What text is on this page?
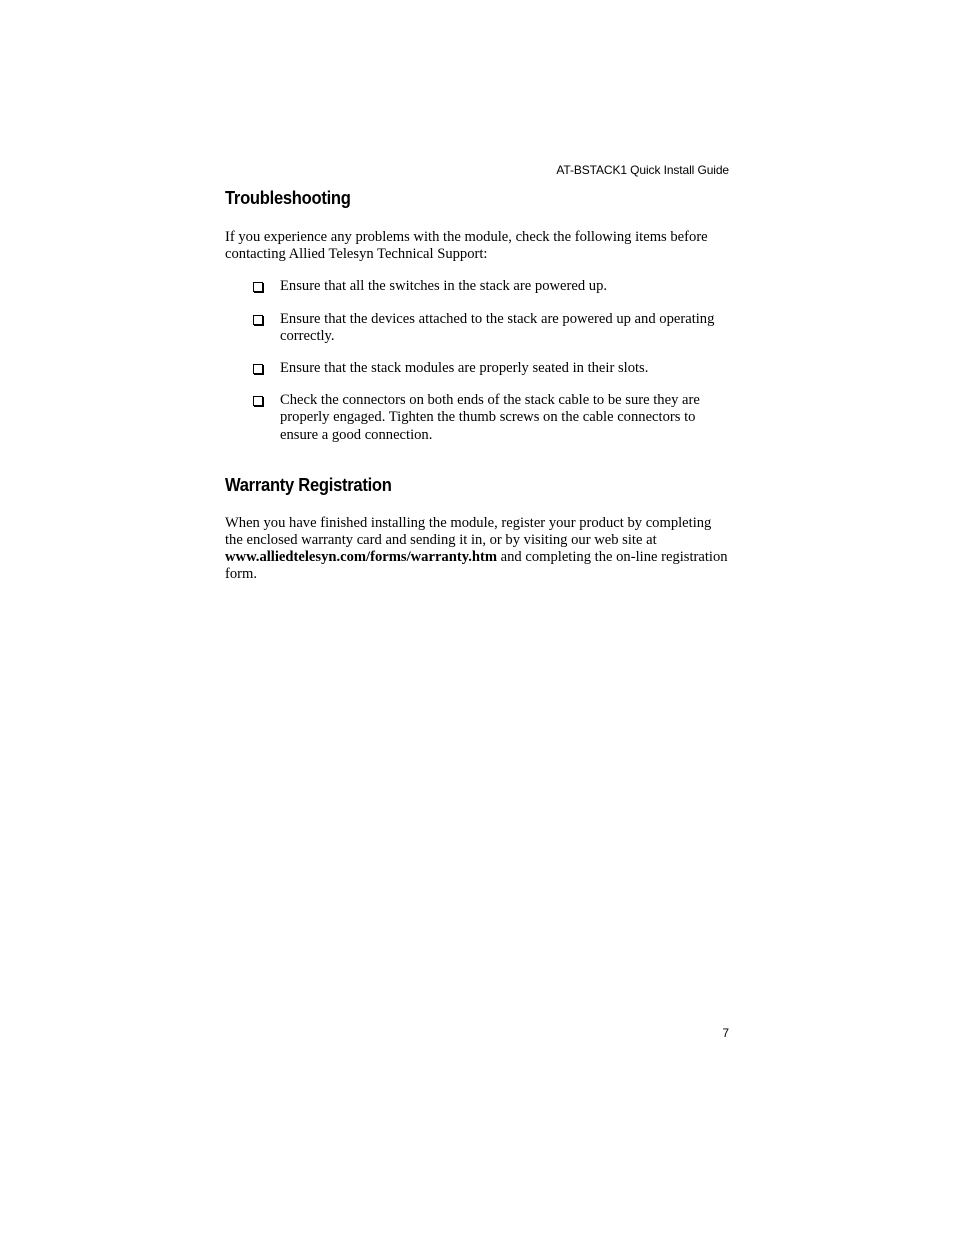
AT-BSTACK1 Quick Install Guide
Troubleshooting

If you experience any problems with the module, check the following items before contacting Allied Telesyn Technical Support:

Ensure that all the switches in the stack are powered up.
Ensure that the devices attached to the stack are powered up and operating correctly.
Ensure that the stack modules are properly seated in their slots.
Check the connectors on both ends of the stack cable to be sure they are properly engaged. Tighten the thumb screws on the cable connectors to ensure a good connection.
Warranty Registration

When you have finished installing the module, register your product by completing the enclosed warranty card and sending it in, or by visiting our web site at www.alliedtelesyn.com/forms/warranty.htm and completing the on-line registration form.

7
